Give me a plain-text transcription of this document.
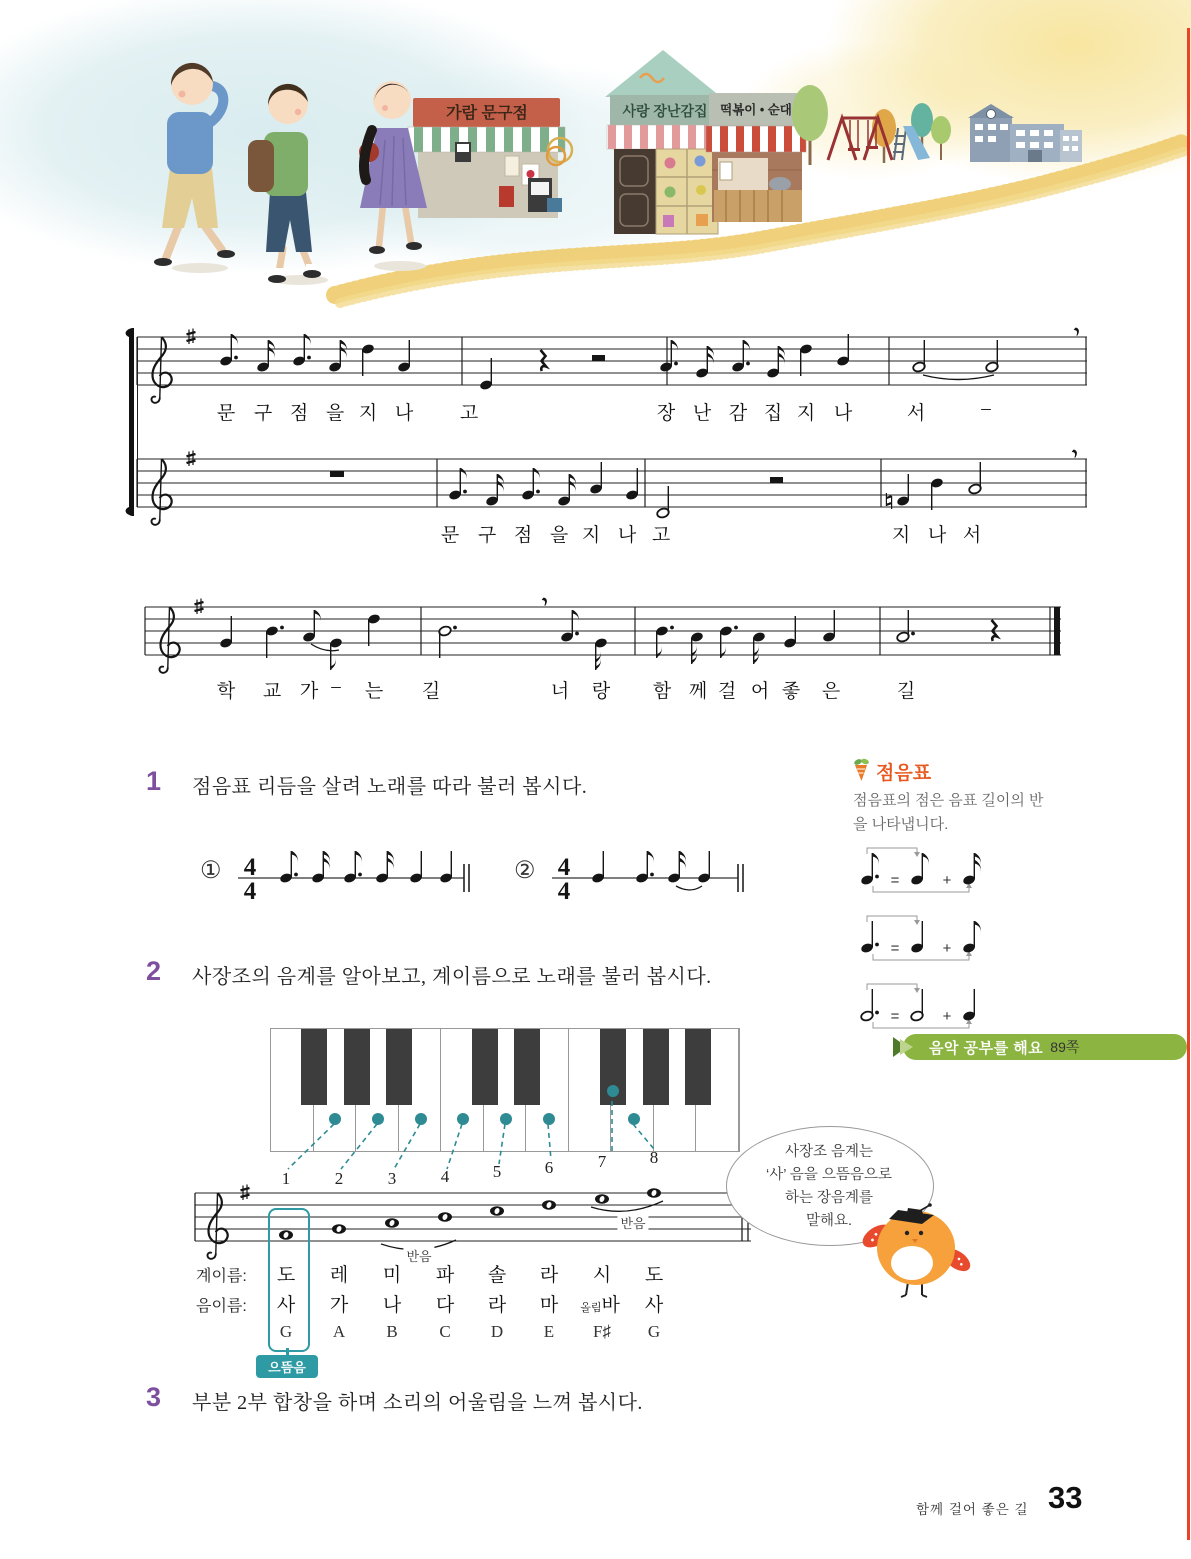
가람 문구점	사랑 장난감집 떡볶이 • 순대
문 구 점 을 지 나 고	장 난 감 집 지 나	서	–
문 구 점 을 지 나 고	지 나 서
학 교 가 – 는 길	너 랑 함 께 걸 어 좋 은	길
1 점음표 리듬을 살려 노래를 따라 불러 봅시다.
① 4
4
② 4
4
점음표
점음표의 점은 음표 길이의 반
을 나타냅니다.
=	+
=	+
=	+
음악 공부를 해요 89쪽
2 사장조의 음계를 알아보고, 계이름으로 노래를 불러 봅시다.
1	2	3	4	5	6	7	8
반음
반음
으뜸음
계이름: 도 레 미 파 솔 라 시 도
음이름: 사 가 나 다 라 마 올림바 사
G A B C D E F♯ G
사장조 음계는
‘사’ 음을 으뜸음으로
하는 장음계를
말해요.
3 부분 2부 합창을 하며 소리의 어울림을 느껴 봅시다.
함께 걸어 좋은 길 33
